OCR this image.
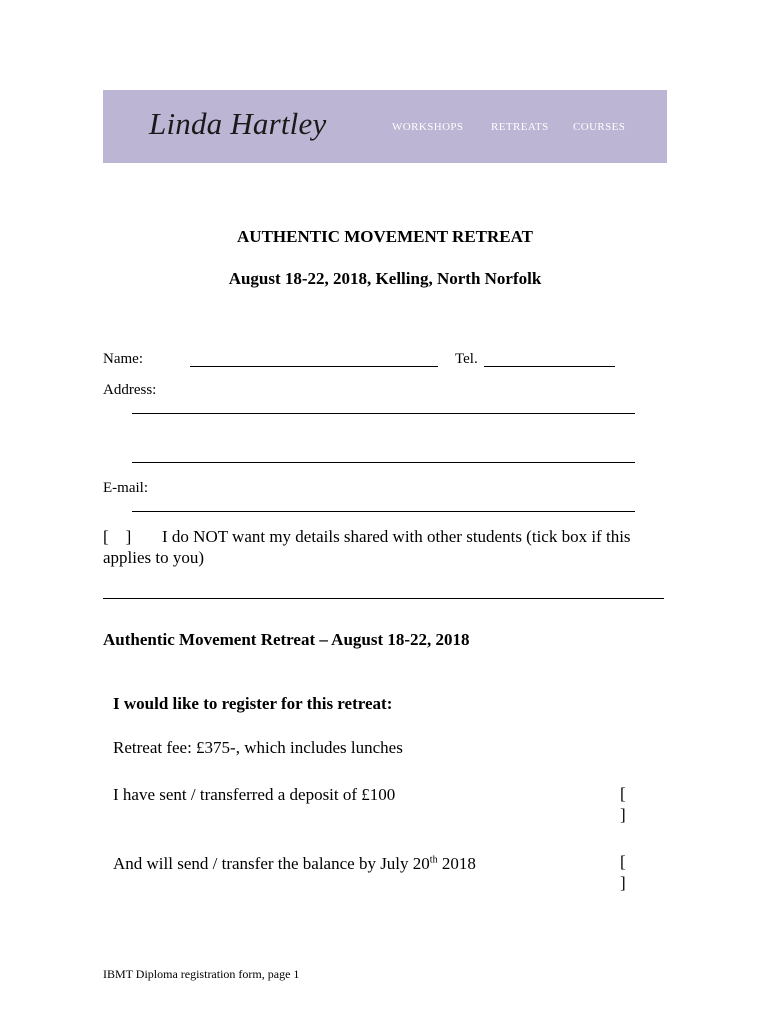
Linda Hartley	WORKSHOPS	RETREATS COURSES
AUTHENTIC MOVEMENT RETREAT
August 18-22, 2018, Kelling, North Norfolk
Name:	Tel.
Address:
E-mail:
[    ] I do NOT want my details shared with other students (tick box if this
applies to you)
Authentic Movement Retreat – August 18-22, 2018
I would like to register for this retreat:
Retreat fee: £375-, which includes lunches
I have sent / transferred a deposit of £100	[
]
And will send / transfer the balance by July 20th 2018	[
]
IBMT Diploma registration form, page 1
